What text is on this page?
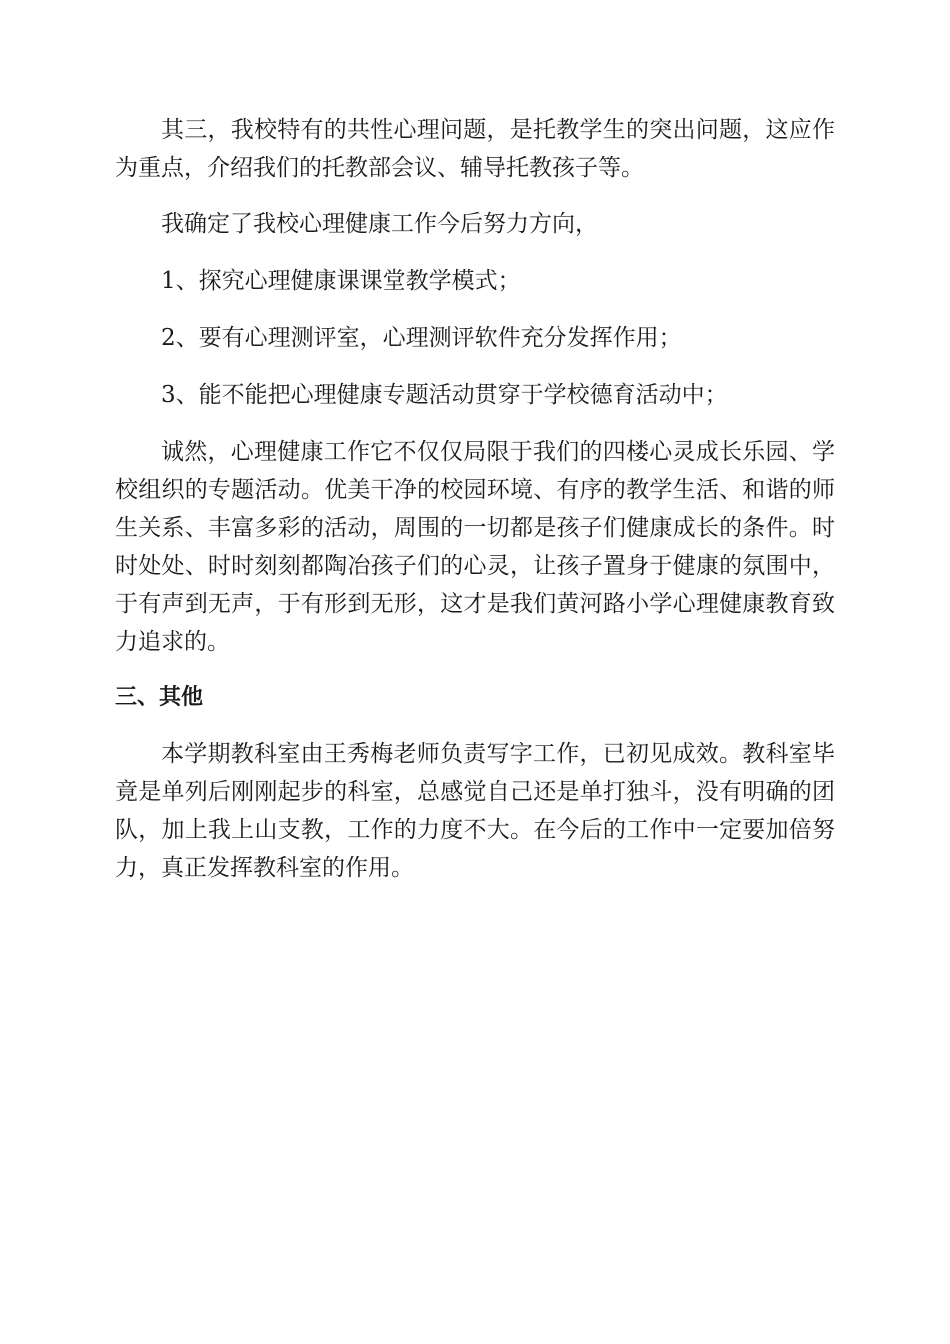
其三，我校特有的共性心理问题，是托教学生的突出问题，这应作为重点，介绍我们的托教部会议、辅导托教孩子等。

我确定了我校心理健康工作今后努力方向，

1、探究心理健康课课堂教学模式；

2、要有心理测评室，心理测评软件充分发挥作用；

3、能不能把心理健康专题活动贯穿于学校德育活动中；

诚然，心理健康工作它不仅仅局限于我们的四楼心灵成长乐园、学校组织的专题活动。优美干净的校园环境、有序的教学生活、和谐的师生关系、丰富多彩的活动，周围的一切都是孩子们健康成长的条件。时时处处、时时刻刻都陶冶孩子们的心灵，让孩子置身于健康的氛围中，于有声到无声，于有形到无形，这才是我们黄河路小学心理健康教育致力追求的。

三、其他

本学期教科室由王秀梅老师负责写字工作，已初见成效。教科室毕竟是单列后刚刚起步的科室，总感觉自己还是单打独斗，没有明确的团队，加上我上山支教，工作的力度不大。在今后的工作中一定要加倍努力，真正发挥教科室的作用。
